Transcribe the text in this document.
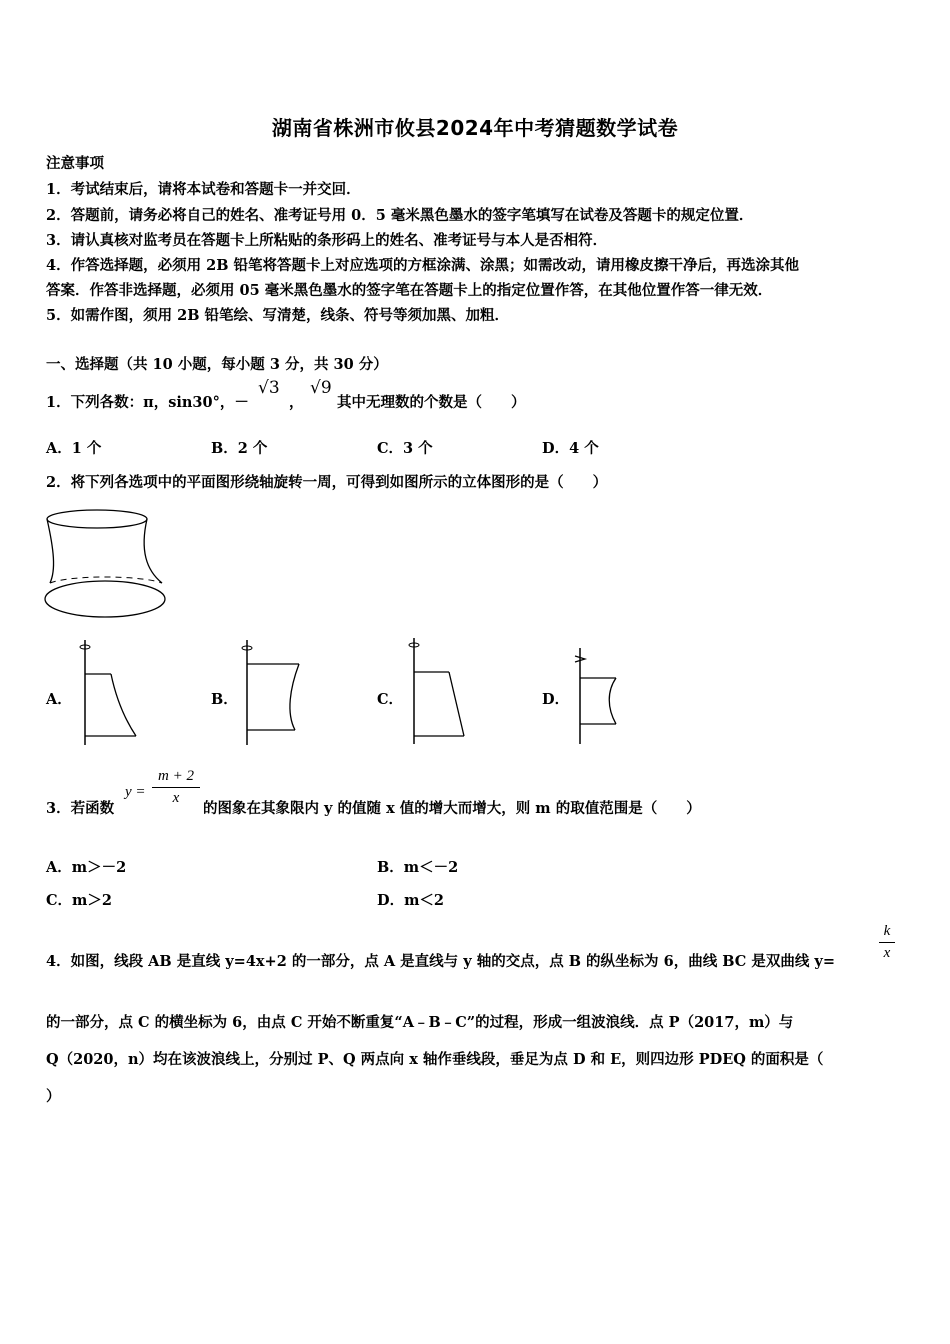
湖南省株洲市攸县2024年中考猜题数学试卷
注意事项
1．考试结束后，请将本试卷和答题卡一并交回．
2．答题前，请务必将自己的姓名、准考证号用 0．5 毫米黑色墨水的签字笔填写在试卷及答题卡的规定位置．
3．请认真核对监考员在答题卡上所粘贴的条形码上的姓名、准考证号与本人是否相符．
4．作答选择题，必须用 2B 铅笔将答题卡上对应选项的方框涂满、涂黑；如需改动，请用橡皮擦干净后，再选涂其他
答案．作答非选择题，必须用 05 毫米黑色墨水的签字笔在答题卡上的指定位置作答，在其他位置作答一律无效．
5．如需作图，须用 2B 铅笔绘、写清楚，线条、符号等须加黑、加粗．
一、选择题（共 10 小题，每小题 3 分，共 30 分）
1．下列各数：π，sin30°，－
√3
，
√9
其中无理数的个数是（　　）
A．1 个	B．2 个	C．3 个	D．4 个
2．将下列各选项中的平面图形绕轴旋转一周，可得到如图所示的立体图形的是（　　）
A．	B．	C．	D．
3．若函数
y =
m + 2
x
的图象在其象限内 y 的值随 x 值的增大而增大，则 m 的取值范围是（　　）
A．m＞－2	B．m＜－2
C．m＞2	D．m＜2
4．如图，线段 AB 是直线 y=4x+2 的一部分，点 A 是直线与 y 轴的交点，点 B 的纵坐标为 6，曲线 BC 是双曲线 y=
k
x
的一部分，点 C 的横坐标为 6，由点 C 开始不断重复“A﹣B﹣C”的过程，形成一组波浪线．点 P（2017，m）与
Q（2020，n）均在该波浪线上，分别过 P、Q 两点向 x 轴作垂线段，垂足为点 D 和 E，则四边形 PDEQ 的面积是（
）
